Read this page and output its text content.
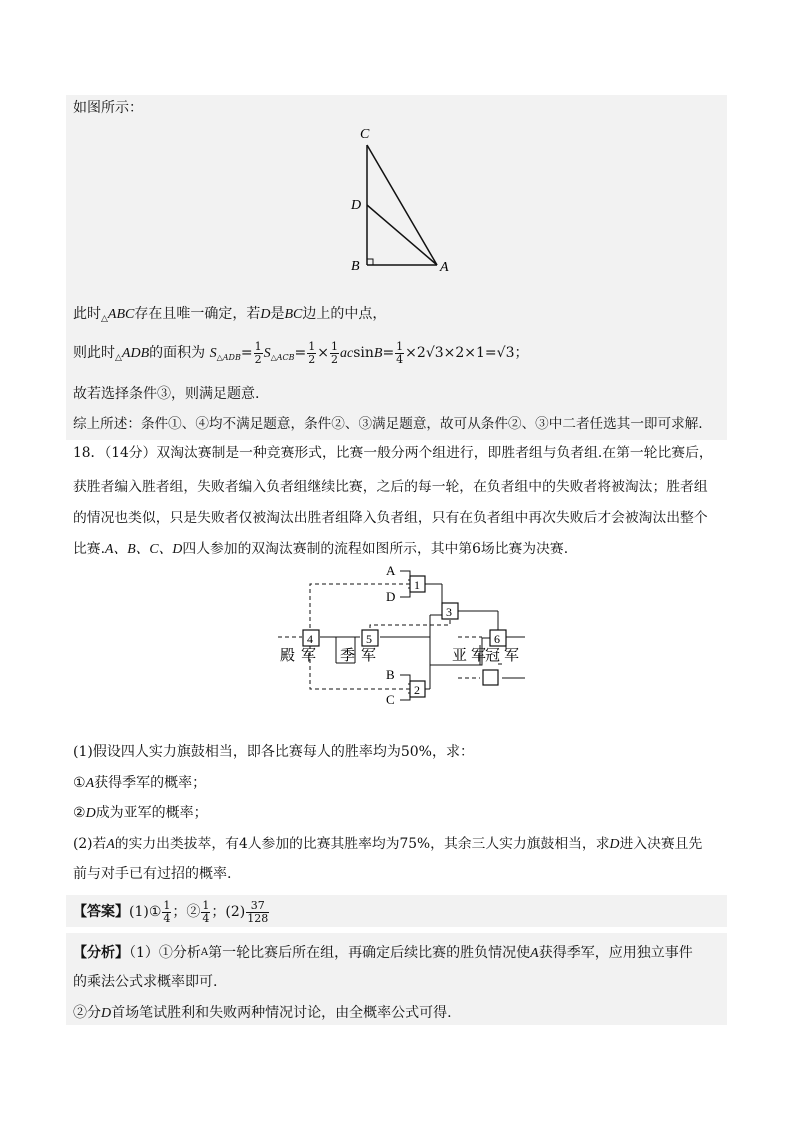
如图所示：
C
D
B	A
此时$_\triangle$ABC存在且唯一确定，若D是BC边上的中点，
则此时$_\triangle$ADB的面积为 $S_{\triangle ADB}= \frac{1}{2} S_{\triangle ACB}= \frac{1}{2} \times \frac{1}{2} acsinB= \frac{1}{4} \times 2√3\times 2\times 1=√3$；
故若选择条件③，则满足题意.
综上所述：条件①、④均不满足题意，条件②、③满足题意，故可从条件②、③中二者任选其一即可求解.
18．（14分）双淘汰赛制是一种竞赛形式，比赛一般分两个组进行，即胜者组与负者组.在第一轮比赛后，
获胜者编入胜者组，失败者编入负者组继续比赛，之后的每一轮，在负者组中的失败者将被淘汰；胜者组
的情况也类似，只是失败者仅被淘汰出胜者组降入负者组，只有在负者组中再次失败后才会被淘汰出整个
比赛.A、B、C、D四人参加的双淘汰赛制的流程如图所示，其中第6场比赛为决赛.
1
2
3
4	5	6
A
D
B
C
殿军 季军	亚军
冠军
(1)假设四人实力旗鼓相当，即各比赛每人的胜率均为50%，求：
①A获得季军的概率；
②D成为亚军的概率；
(2)若A的实力出类拔萃，有4人参加的比赛其胜率均为75%，其余三人实力旗鼓相当，求D进入决赛且先
前与对手已有过招的概率.
【答案】(1)① $\frac{1}{4}$ ；② $\frac{1}{4}$ ；$(2) \frac{37}{128}$
【分析】（1）①分析A第一轮比赛后所在组，再确定后续比赛的胜负情况使A获得季军，应用独立事件
的乘法公式求概率即可.
②分D首场笔试胜利和失败两种情况讨论，由全概率公式可得.
